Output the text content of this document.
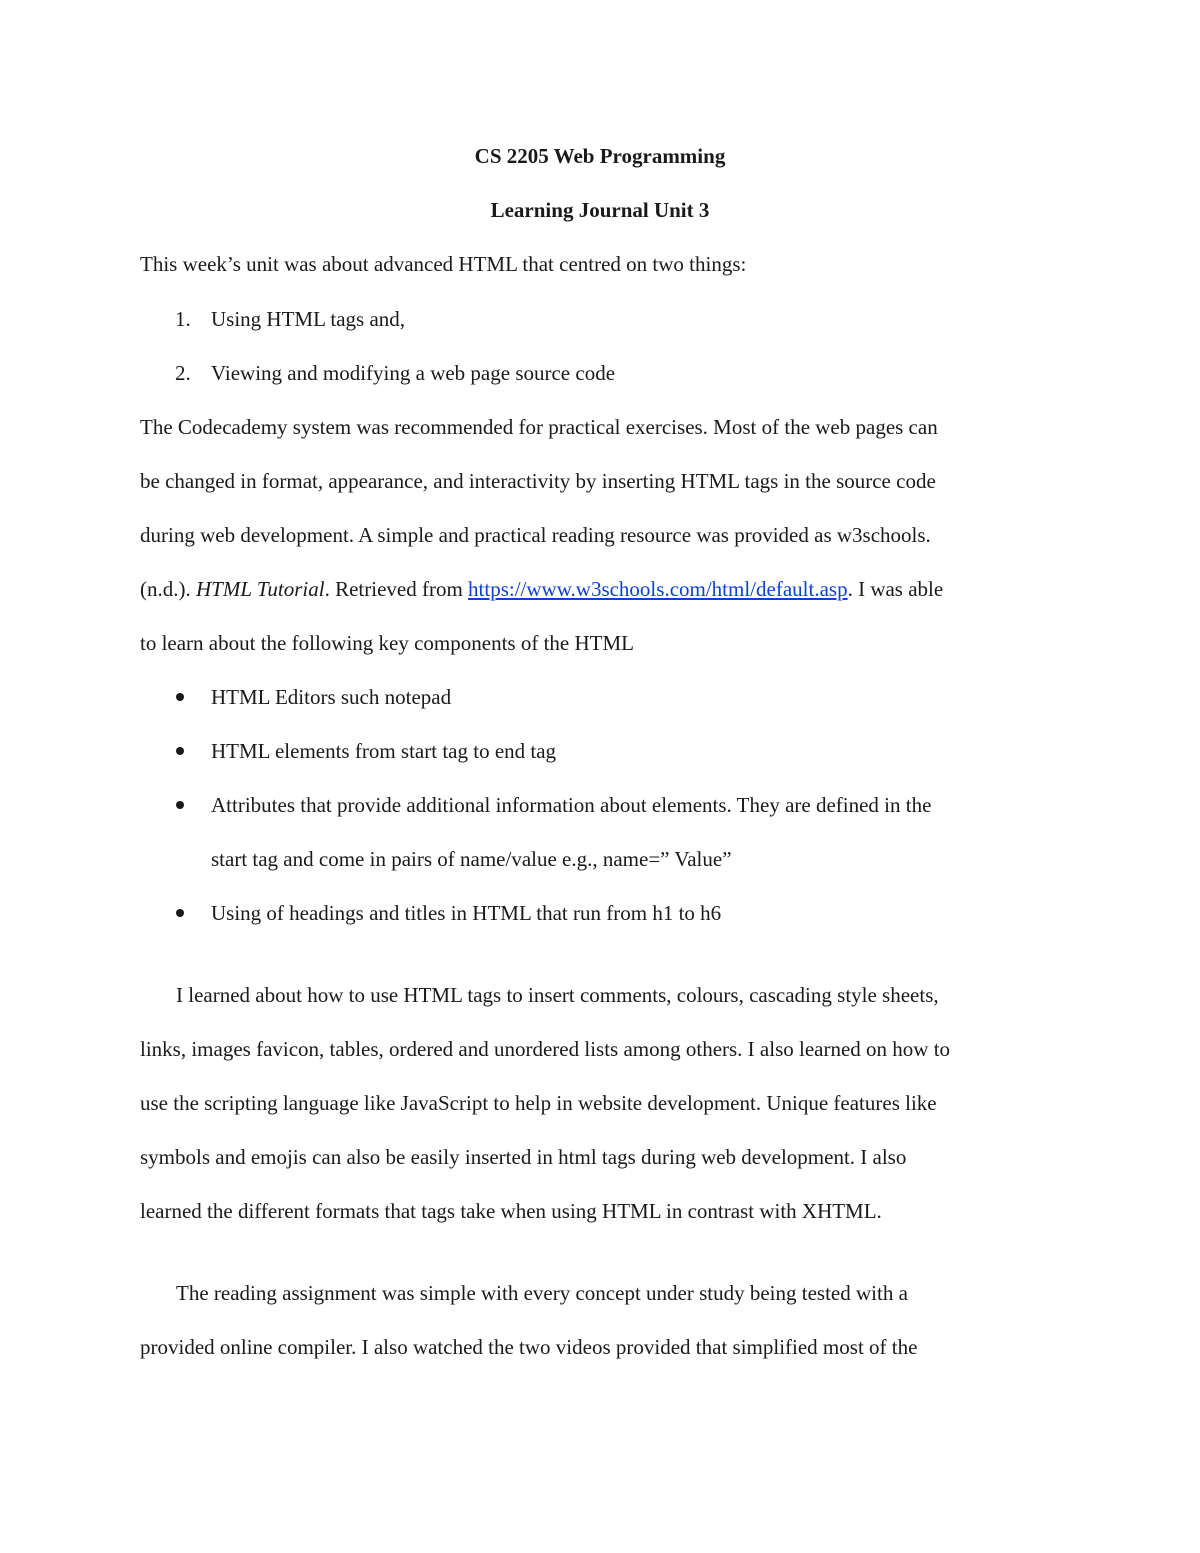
CS 2205 Web Programming
Learning Journal Unit 3
This week’s unit was about advanced HTML that centred on two things:
1. Using HTML tags and,
2. Viewing and modifying a web page source code
The Codecademy system was recommended for practical exercises. Most of the web pages can
be changed in format, appearance, and interactivity by inserting HTML tags in the source code
during web development. A simple and practical reading resource was provided as w3schools.
(n.d.). HTML Tutorial. Retrieved from https://www.w3schools.com/html/default.asp. I was able
to learn about the following key components of the HTML
HTML Editors such notepad
HTML elements from start tag to end tag
Attributes that provide additional information about elements. They are defined in the
start tag and come in pairs of name/value e.g., name=” Value”
Using of headings and titles in HTML that run from h1 to h6
I learned about how to use HTML tags to insert comments, colours, cascading style sheets,
links, images favicon, tables, ordered and unordered lists among others. I also learned on how to
use the scripting language like JavaScript to help in website development. Unique features like
symbols and emojis can also be easily inserted in html tags during web development. I also
learned the different formats that tags take when using HTML in contrast with XHTML.
The reading assignment was simple with every concept under study being tested with a
provided online compiler. I also watched the two videos provided that simplified most of the
